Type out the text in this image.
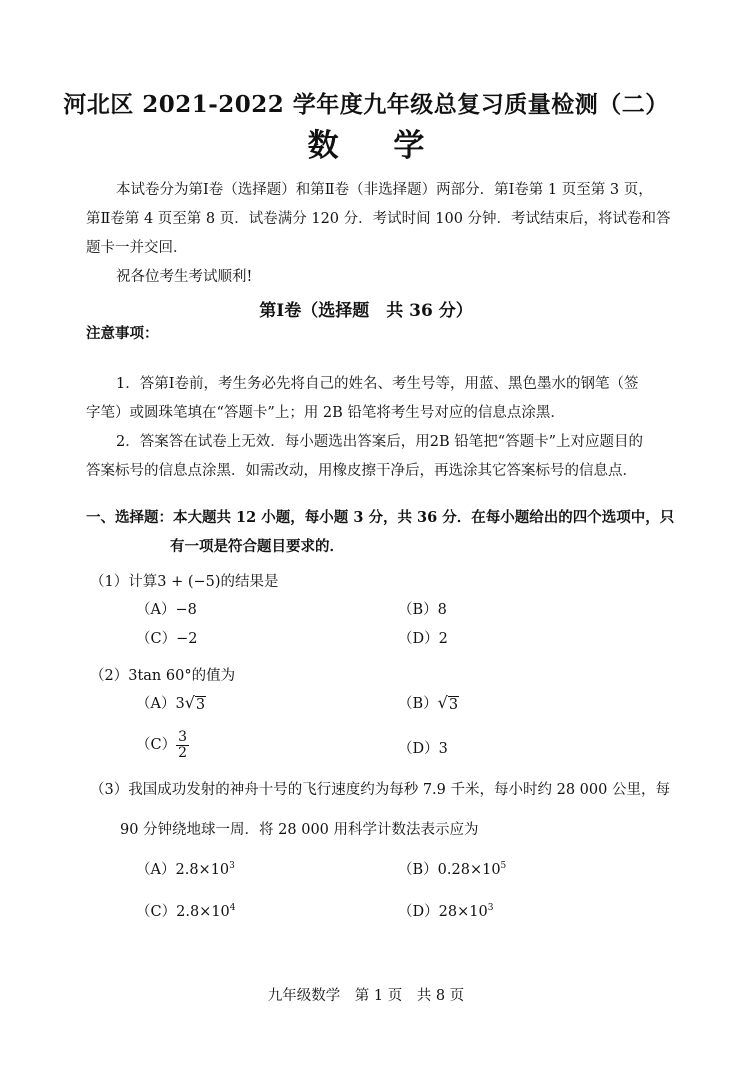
河北区 2021-2022 学年度九年级总复习质量检测（二）
数 学
本试卷分为第Ⅰ卷（选择题）和第Ⅱ卷（非选择题）两部分．第Ⅰ卷第 1 页至第 3 页，
第Ⅱ卷第 4 页至第 8 页．试卷满分 120 分．考试时间 100 分钟．考试结束后，将试卷和答
题卡一并交回．
祝各位考生考试顺利!
第Ⅰ卷（选择题　共 36 分）
注意事项：
1．答第Ⅰ卷前，考生务必先将自己的姓名、考生号等，用蓝、黑色墨水的钢笔（签
字笔）或圆珠笔填在“答题卡”上；用 2B 铅笔将考生号对应的信息点涂黑．
2．答案答在试卷上无效．每小题选出答案后，用2B 铅笔把“答题卡”上对应题目的
答案标号的信息点涂黑．如需改动，用橡皮擦干净后，再选涂其它答案标号的信息点．
一、选择题：本大题共 12 小题，每小题 3 分，共 36 分．在每小题给出的四个选项中，只
有一项是符合题目要求的．
（1）计算3 + (−5)的结果是
（A）−8	（B）8
（C）−2	（D）2
（2）3tan 60°的值为
（A）3 √ 3	（B） √ 3
$(C) \frac{3}{2}$	（D）3
（3）我国成功发射的神舟十号的飞行速度约为每秒 7.9 千米，每小时约 28 000 公里，每
90 分钟绕地球一周．将 28 000 用科学计数法表示应为
$(A)2.8\times 10^3$	$(B)0.28\times 10^5$
$(C)2.8\times 10^4$	$(D)28\times 10^3$
九年级数学　第 1 页　共 8 页
